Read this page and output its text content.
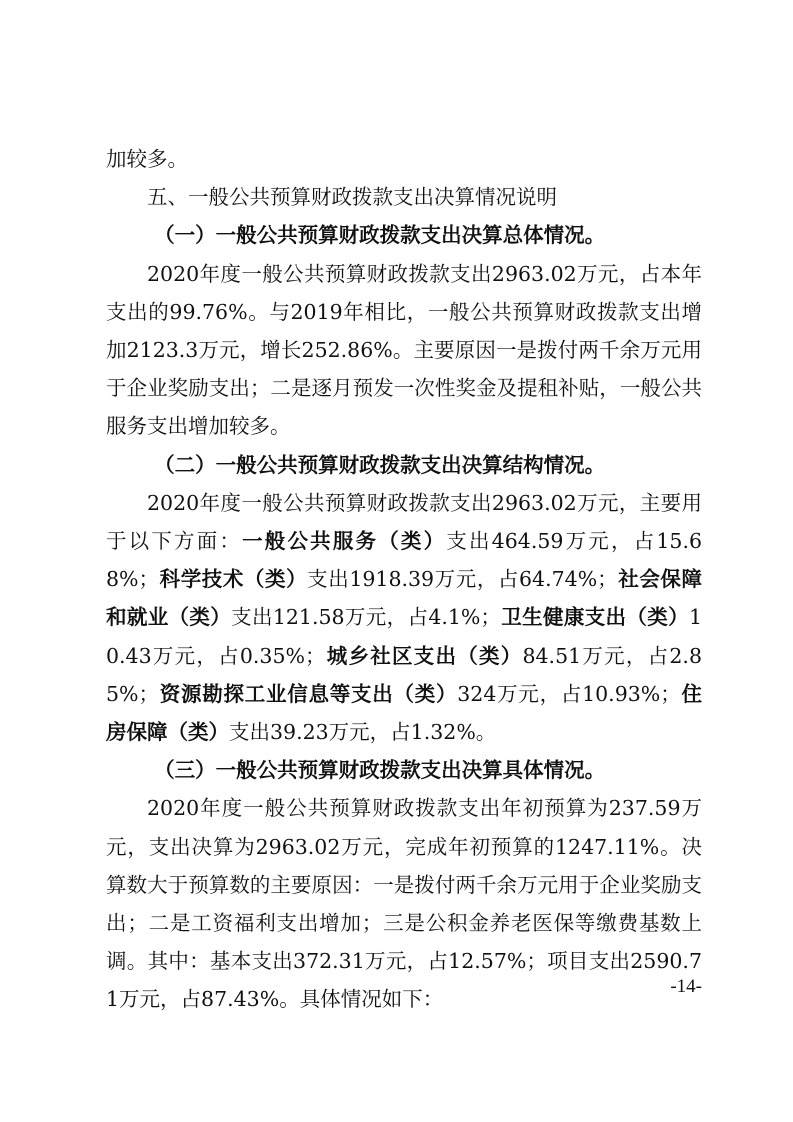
加较多。

五、一般公共预算财政拨款支出决算情况说明

（一）一般公共预算财政拨款支出决算总体情况。

2020年度一般公共预算财政拨款支出2963.02万元，占本年支出的99.76%。与2019年相比，一般公共预算财政拨款支出增加2123.3万元，增长252.86%。主要原因一是拨付两千余万元用于企业奖励支出；二是逐月预发一次性奖金及提租补贴，一般公共服务支出增加较多。

（二）一般公共预算财政拨款支出决算结构情况。

2020年度一般公共预算财政拨款支出2963.02万元，主要用于以下方面：一般公共服务（类）支出464.59万元，占15.68%；科学技术（类）支出1918.39万元，占64.74%；社会保障和就业（类）支出121.58万元，占4.1%；卫生健康支出（类）10.43万元，占0.35%；城乡社区支出（类）84.51万元，占2.85%；资源勘探工业信息等支出（类）324万元，占10.93%；住房保障（类）支出39.23万元，占1.32%。

（三）一般公共预算财政拨款支出决算具体情况。

2020年度一般公共预算财政拨款支出年初预算为237.59万元，支出决算为2963.02万元，完成年初预算的1247.11%。决算数大于预算数的主要原因：一是拨付两千余万元用于企业奖励支出；二是工资福利支出增加；三是公积金养老医保等缴费基数上调。其中：基本支出372.31万元，占12.57%；项目支出2590.71万元，占87.43%。具体情况如下：

-14-
